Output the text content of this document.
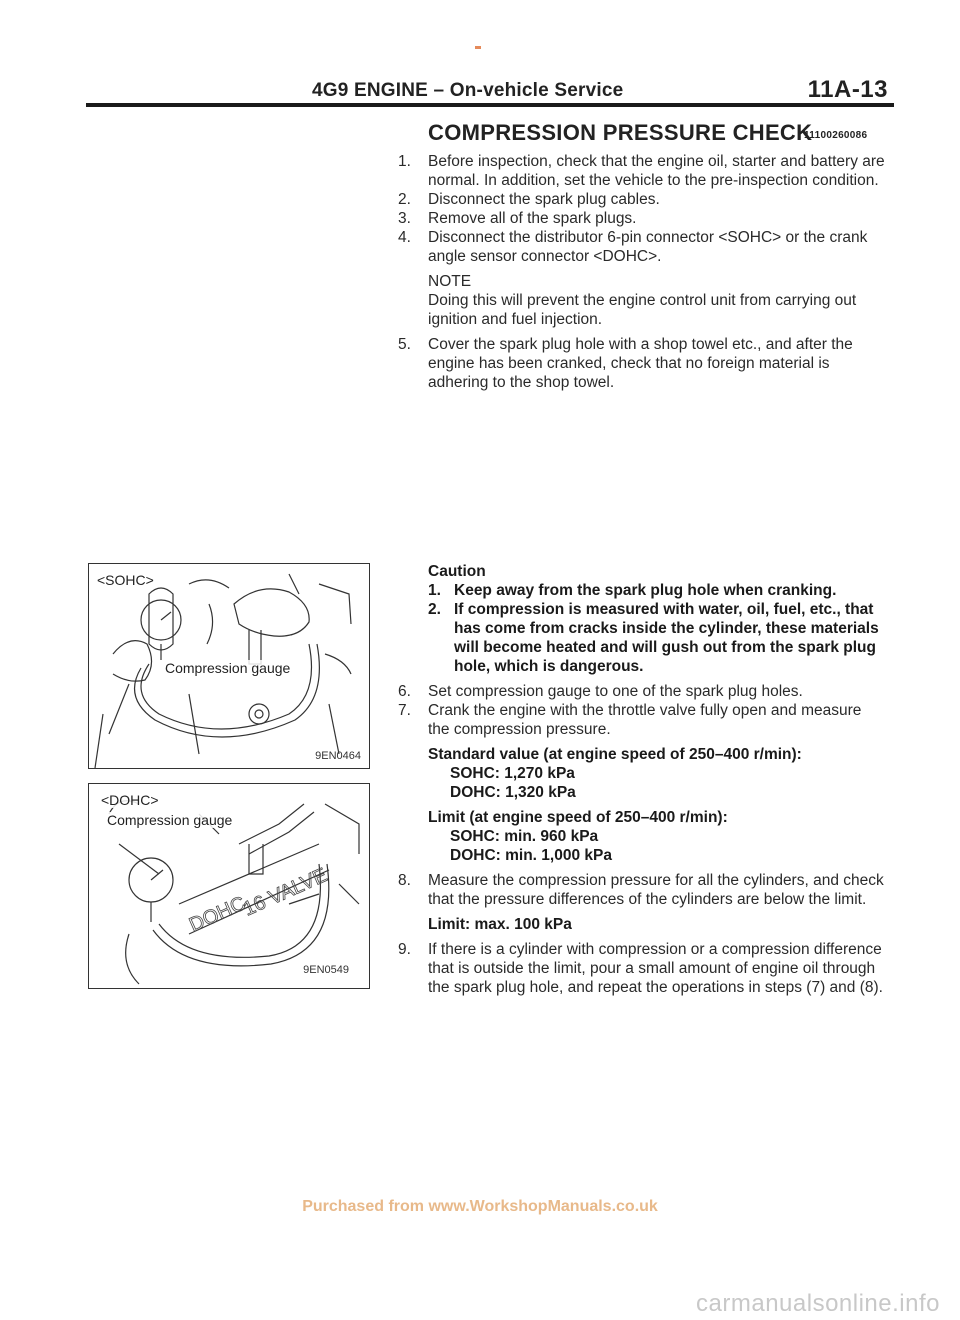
4G9 ENGINE – On-vehicle Service	11A-13
COMPRESSION PRESSURE CHECK
11100260086
1. Before inspection, check that the engine oil, starter and battery are normal. In addition, set the vehicle to the pre-inspection condition.
2. Disconnect the spark plug cables.
3. Remove all of the spark plugs.
4. Disconnect the distributor 6-pin connector <SOHC> or the crank angle sensor connector <DOHC>.
NOTE
Doing this will prevent the engine control unit from carrying out ignition and fuel injection.
5. Cover the spark plug hole with a shop towel etc., and after the engine has been cranked, check that no foreign material is adhering to the shop towel.
Caution
1. Keep away from the spark plug hole when cranking.
2. If compression is measured with water, oil, fuel, etc., that has come from cracks inside the cylinder, these materials will become heated and will gush out from the spark plug hole, which is dangerous.
6. Set compression gauge to one of the spark plug holes.
7. Crank the engine with the throttle valve fully open and measure the compression pressure.
Standard value (at engine speed of 250–400 r/min):
SOHC: 1,270 kPa
DOHC: 1,320 kPa
Limit (at engine speed of 250–400 r/min):
SOHC: min. 960 kPa
DOHC: min. 1,000 kPa
8. Measure the compression pressure for all the cylinders, and check that the pressure differences of the cylinders are below the limit.
Limit: max. 100 kPa
9. If there is a cylinder with compression or a compression difference that is outside the limit, pour a small amount of engine oil through the spark plug hole, and repeat the operations in steps (7) and (8).
<SOHC>
Compression gauge
9EN0464
16 VALVE
DOHC
<DOHC>
Compression gauge
9EN0549
Purchased from www.WorkshopManuals.co.uk
carmanualsonline.info
